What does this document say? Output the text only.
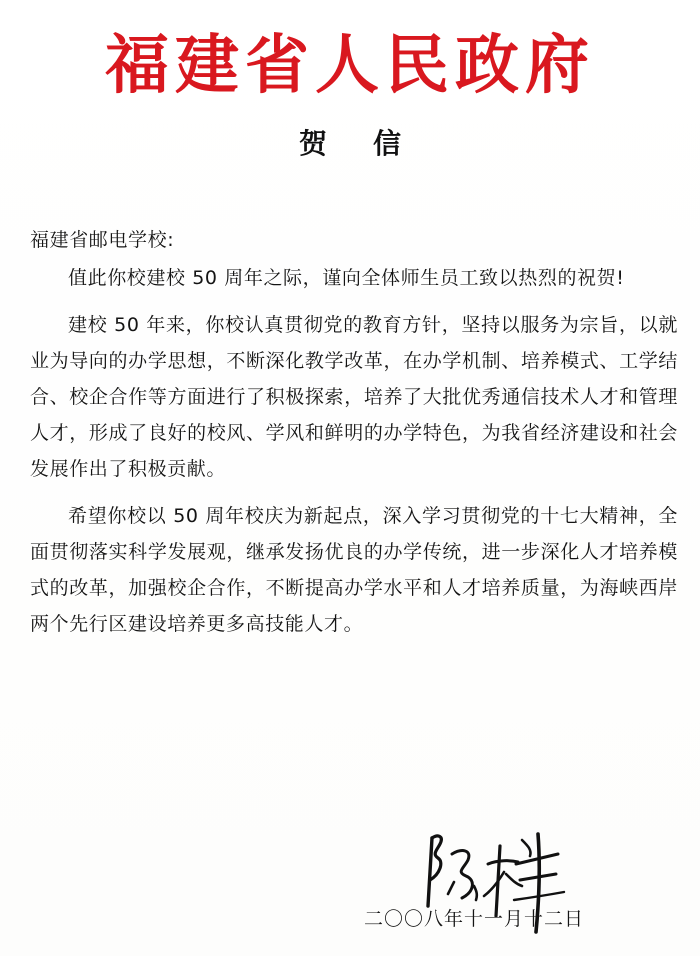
福建省人民政府
贺信

福建省邮电学校:

值此你校建校 50 周年之际，谨向全体师生员工致以热烈的祝贺!

建校 50 年来，你校认真贯彻党的教育方针，坚持以服务为宗旨，以就业为导向的办学思想，不断深化教学改革，在办学机制、培养模式、工学结合、校企合作等方面进行了积极探索，培养了大批优秀通信技术人才和管理人才，形成了良好的校风、学风和鲜明的办学特色，为我省经济建设和社会发展作出了积极贡献。

希望你校以 50 周年校庆为新起点，深入学习贯彻党的十七大精神，全面贯彻落实科学发展观，继承发扬优良的办学传统，进一步深化人才培养模式的改革，加强校企合作，不断提高办学水平和人才培养质量，为海峡西岸两个先行区建设培养更多高技能人才。

二〇〇八年十一月十二日
